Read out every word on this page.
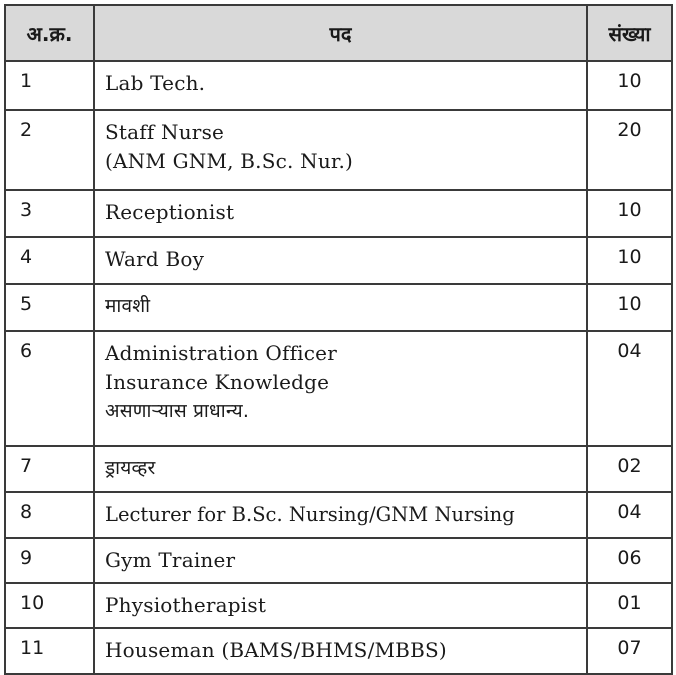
अ.क्र.	पद	संख्या
1	Lab Tech.	10
2	Staff Nurse
(ANM GNM, B.Sc. Nur.)	20
3	Receptionist	10
4	Ward Boy	10
5	मावशी	10
6	Administration Officer
Insurance Knowledge
असणाऱ्यास प्राधान्य.	04
7	ड्रायव्हर	02
8	Lecturer for B.Sc. Nursing/GNM Nursing	04
9	Gym Trainer	06
10	Physiotherapist	01
11	Houseman (BAMS/BHMS/MBBS)	07
